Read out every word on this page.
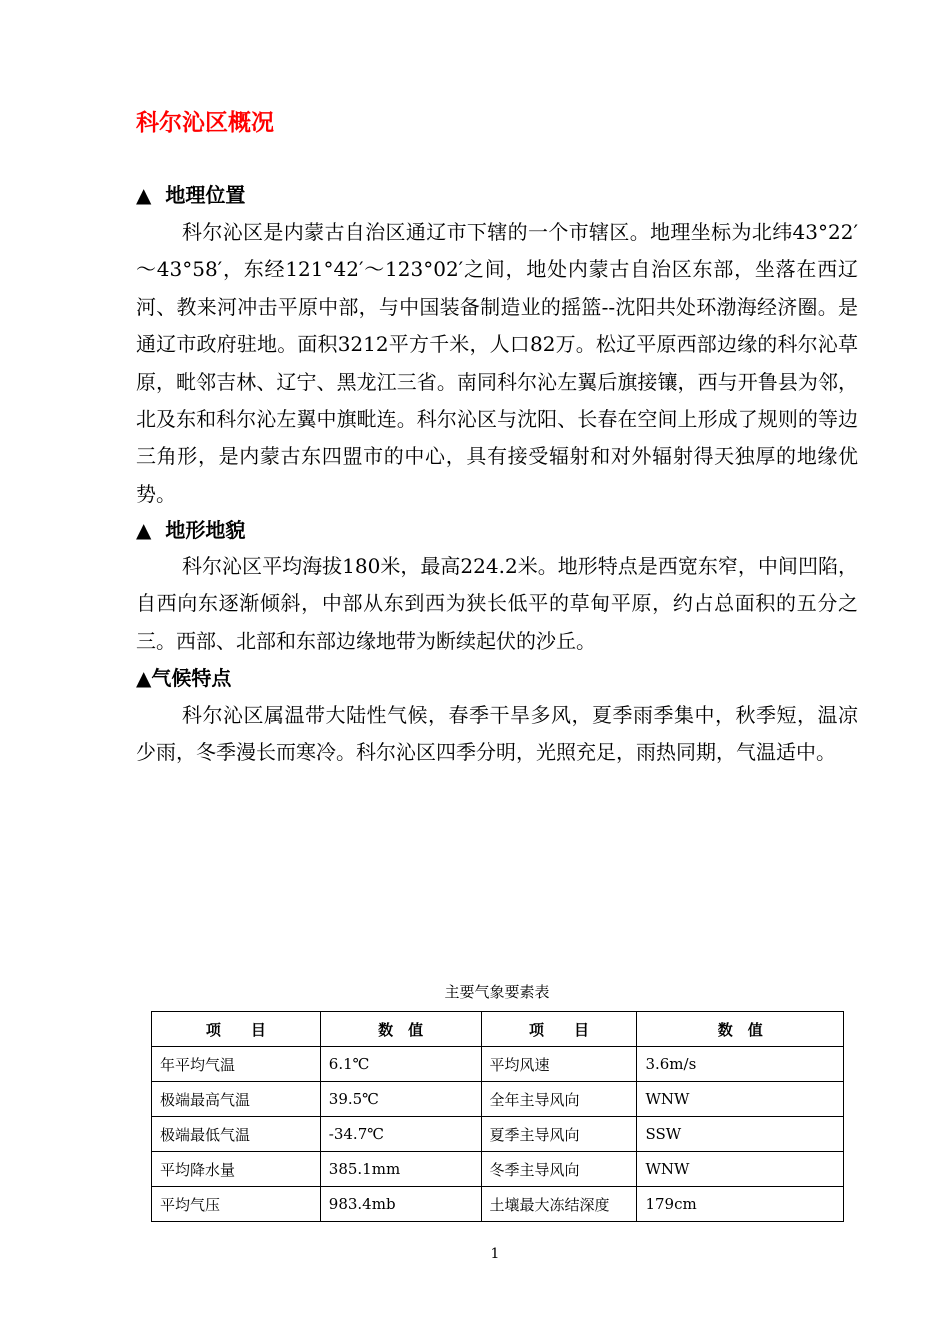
科尔沁区概况
▲ 地理位置

科尔沁区是内蒙古自治区通辽市下辖的一个市辖区。地理坐标为北纬43°22′～43°58′，东经121°42′～123°02′之间，地处内蒙古自治区东部，坐落在西辽河、教来河冲击平原中部，与中国装备制造业的摇篮--沈阳共处环渤海经济圈。是通辽市政府驻地。面积3212平方千米，人口82万。松辽平原西部边缘的科尔沁草原，毗邻吉林、辽宁、黑龙江三省。南同科尔沁左翼后旗接镶，西与开鲁县为邻，北及东和科尔沁左翼中旗毗连。科尔沁区与沈阳、长春在空间上形成了规则的等边三角形，是内蒙古东四盟市的中心，具有接受辐射和对外辐射得天独厚的地缘优势。

▲ 地形地貌

科尔沁区平均海拔180米，最高224.2米。地形特点是西宽东窄，中间凹陷，自西向东逐渐倾斜，中部从东到西为狭长低平的草甸平原，约占总面积的五分之三。西部、北部和东部边缘地带为断续起伏的沙丘。

▲气候特点

科尔沁区属温带大陆性气候，春季干旱多风，夏季雨季集中，秋季短，温凉少雨，冬季漫长而寒冷。科尔沁区四季分明，光照充足，雨热同期，气温适中。

主要气象要素表
项　　目	数　值	项　　目	数　值
年平均气温	6.1℃	平均风速	3.6m/s
极端最高气温	39.5℃	全年主导风向	WNW
极端最低气温	-34.7℃	夏季主导风向	SSW
平均降水量	385.1mm	冬季主导风向	WNW
平均气压	983.4mb	土壤最大冻结深度	179cm
1
